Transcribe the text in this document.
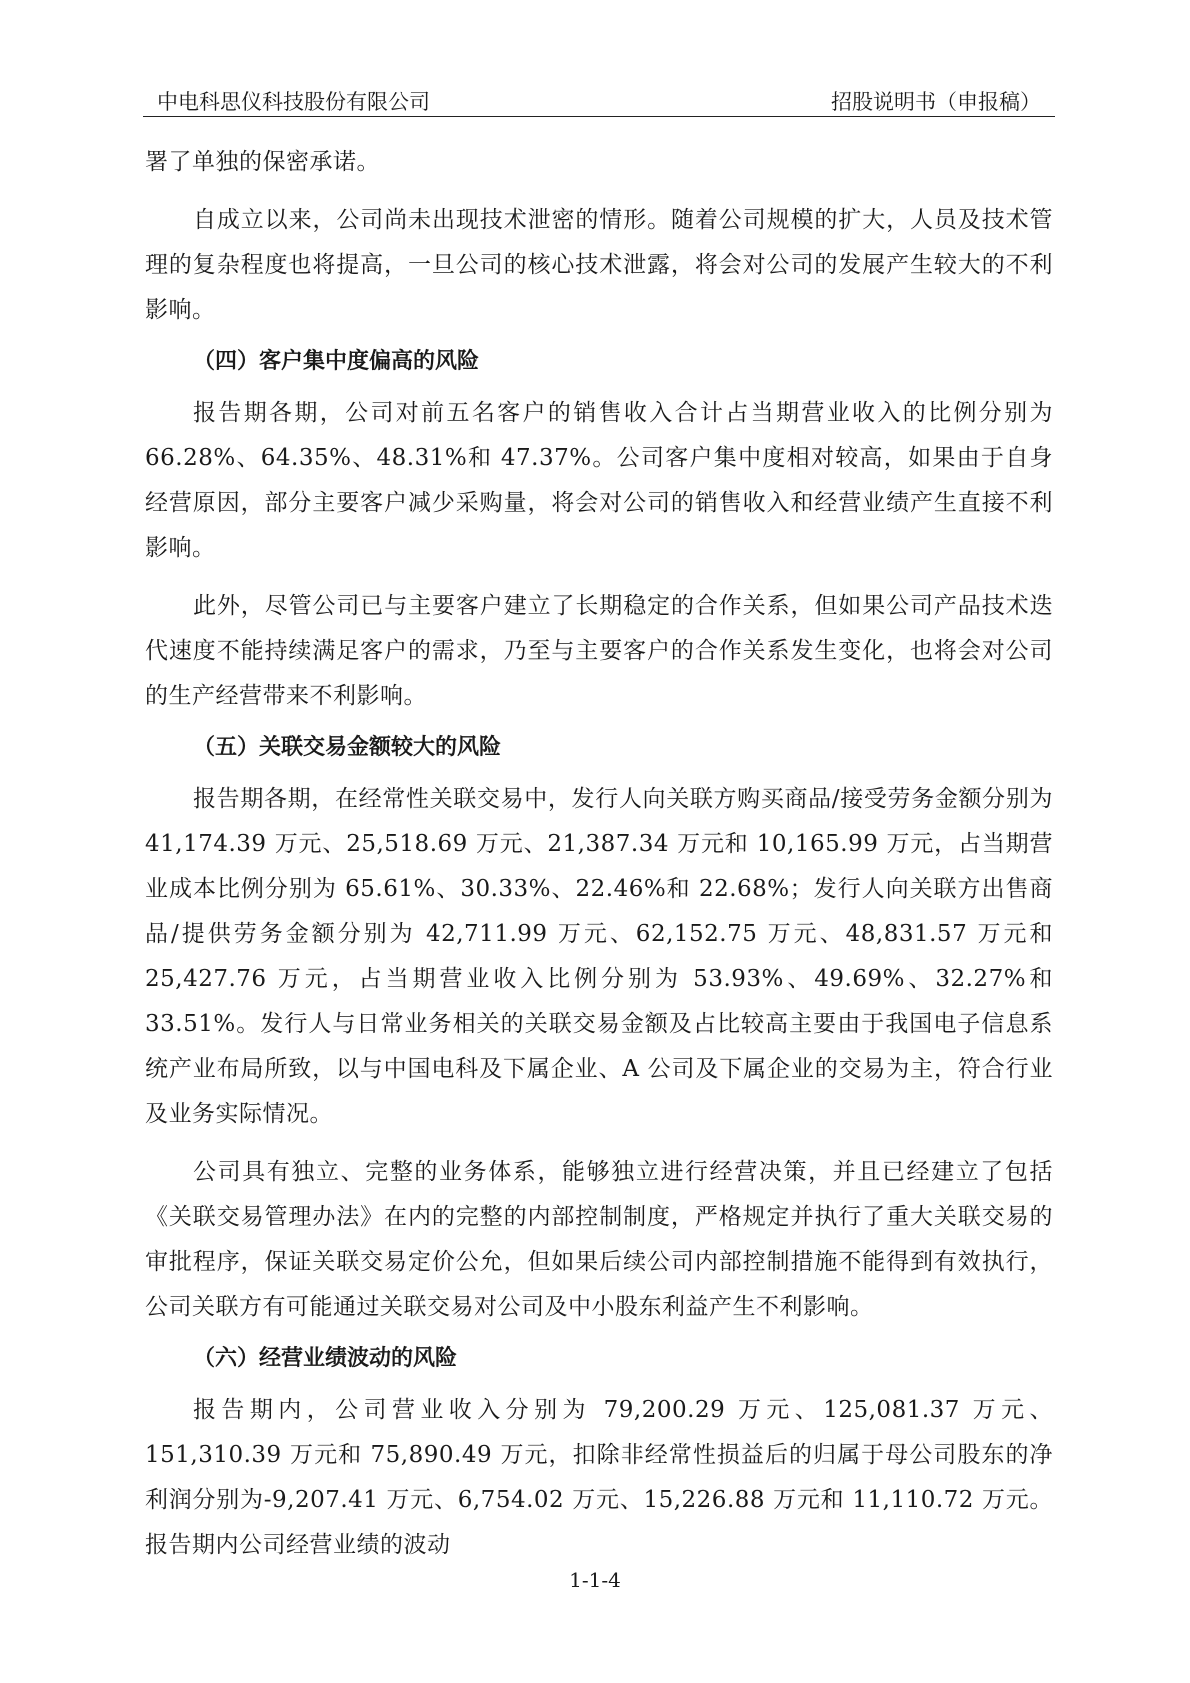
中电科思仪科技股份有限公司	招股说明书（申报稿）

署了单独的保密承诺。

自成立以来，公司尚未出现技术泄密的情形。随着公司规模的扩大，人员及技术管理的复杂程度也将提高，一旦公司的核心技术泄露，将会对公司的发展产生较大的不利影响。

（四）客户集中度偏高的风险

报告期各期，公司对前五名客户的销售收入合计占当期营业收入的比例分别为66.28%、64.35%、48.31%和 47.37%。公司客户集中度相对较高，如果由于自身经营原因，部分主要客户减少采购量，将会对公司的销售收入和经营业绩产生直接不利影响。

此外，尽管公司已与主要客户建立了长期稳定的合作关系，但如果公司产品技术迭代速度不能持续满足客户的需求，乃至与主要客户的合作关系发生变化，也将会对公司的生产经营带来不利影响。

（五）关联交易金额较大的风险

报告期各期，在经常性关联交易中，发行人向关联方购买商品/接受劳务金额分别为 41,174.39 万元、25,518.69 万元、21,387.34 万元和 10,165.99 万元，占当期营业成本比例分别为 65.61%、30.33%、22.46%和 22.68%；发行人向关联方出售商品/提供劳务金额分别为 42,711.99 万元、62,152.75 万元、48,831.57 万元和 25,427.76 万元，占当期营业收入比例分别为 53.93%、49.69%、32.27%和 33.51%。发行人与日常业务相关的关联交易金额及占比较高主要由于我国电子信息系统产业布局所致，以与中国电科及下属企业、A 公司及下属企业的交易为主，符合行业及业务实际情况。

公司具有独立、完整的业务体系，能够独立进行经营决策，并且已经建立了包括《关联交易管理办法》在内的完整的内部控制制度，严格规定并执行了重大关联交易的审批程序，保证关联交易定价公允，但如果后续公司内部控制措施不能得到有效执行，公司关联方有可能通过关联交易对公司及中小股东利益产生不利影响。

（六）经营业绩波动的风险

报告期内，公司营业收入分别为 79,200.29 万元、125,081.37 万元、151,310.39 万元和 75,890.49 万元，扣除非经常性损益后的归属于母公司股东的净利润分别为-9,207.41 万元、6,754.02 万元、15,226.88 万元和 11,110.72 万元。报告期内公司经营业绩的波动

1-1-4
